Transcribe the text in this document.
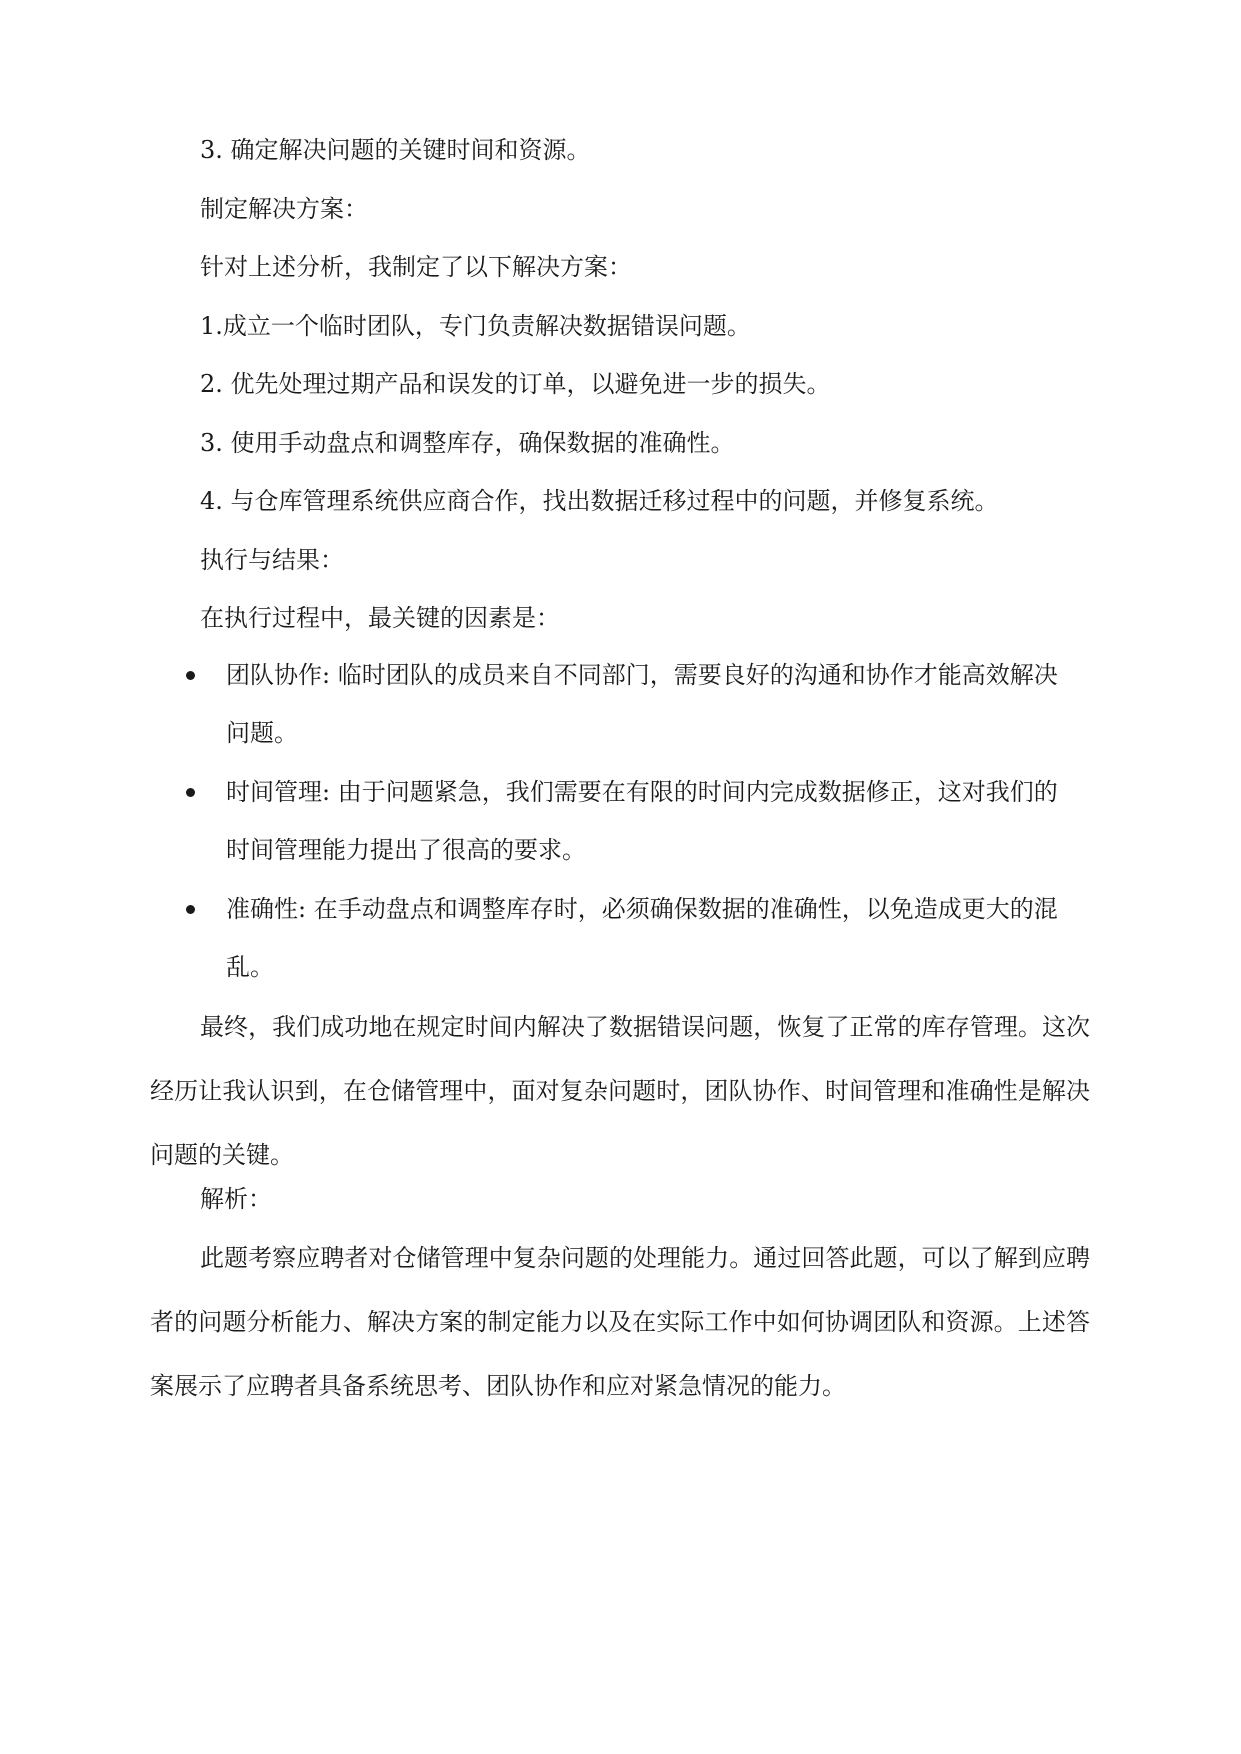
3. 确定解决问题的关键时间和资源。
制定解决方案：
针对上述分析，我制定了以下解决方案：
1.成立一个临时团队，专门负责解决数据错误问题。
2. 优先处理过期产品和误发的订单，以避免进一步的损失。
3. 使用手动盘点和调整库存，确保数据的准确性。
4. 与仓库管理系统供应商合作，找出数据迁移过程中的问题，并修复系统。
执行与结果：
在执行过程中，最关键的因素是：
团队协作: 临时团队的成员来自不同部门，需要良好的沟通和协作才能高效解决
问题。
时间管理: 由于问题紧急，我们需要在有限的时间内完成数据修正，这对我们的
时间管理能力提出了很高的要求。
准确性: 在手动盘点和调整库存时，必须确保数据的准确性，以免造成更大的混
乱。
最终，我们成功地在规定时间内解决了数据错误问题，恢复了正常的库存管理。这次经历让我认识到，在仓储管理中，面对复杂问题时，团队协作、时间管理和准确性是解决问题的关键。
解析：
此题考察应聘者对仓储管理中复杂问题的处理能力。通过回答此题，可以了解到应聘者的问题分析能力、解决方案的制定能力以及在实际工作中如何协调团队和资源。上述答案展示了应聘者具备系统思考、团队协作和应对紧急情况的能力。
